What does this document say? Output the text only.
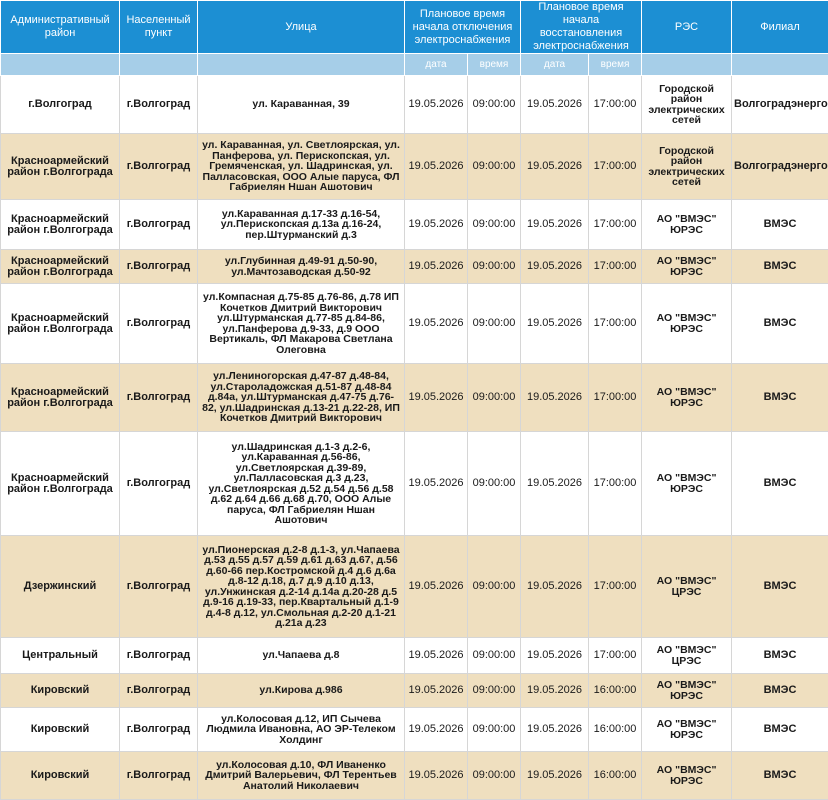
Административный район	Населенный пункт	Улица	Плановое время начала отключения электроснабжения		Плановое время начала восстановления электроснабжения		РЭС	Филиал
			дата	время	дата	время		
г.Волгоград	г.Волгоград	ул. Караванная, 39	19.05.2026	09:00:00	19.05.2026	17:00:00	Городской район электрических сетей	Волгоградэнерго
Красноармейский район г.Волгограда	г.Волгоград	ул. Караванная, ул. Светлоярская, ул. Панферова, ул. Перископская, ул. Гремяченская, ул. Шадринская, ул. Палласовская, ООО Алые паруса, ФЛ Габриелян Ншан Ашотович	19.05.2026	09:00:00	19.05.2026	17:00:00	Городской район электрических сетей	Волгоградэнерго
Красноармейский район г.Волгограда	г.Волгоград	ул.Караванная д.17-33 д.16-54, ул.Перископская д.13а д.16-24, пер.Штурманский д.3	19.05.2026	09:00:00	19.05.2026	17:00:00	АО "ВМЭС" ЮРЭС	ВМЭС
Красноармейский район г.Волгограда	г.Волгоград	ул.Глубинная д.49-91 д.50-90, ул.Мачтозаводская д.50-92	19.05.2026	09:00:00	19.05.2026	17:00:00	АО "ВМЭС" ЮРЭС	ВМЭС
Красноармейский район г.Волгограда	г.Волгоград	ул.Компасная д.75-85 д.76-86, д.78 ИП Кочетков Дмитрий Викторович ул.Штурманская д.77-85 д.84-86, ул.Панферова д.9-33, д.9 ООО Вертикаль, ФЛ Макарова Светлана Олеговна	19.05.2026	09:00:00	19.05.2026	17:00:00	АО "ВМЭС" ЮРЭС	ВМЭС
Красноармейский район г.Волгограда	г.Волгоград	ул.Лениногорская д.47-87 д.48-84, ул.Староладожская д.51-87 д.48-84 д.84а, ул.Штурманская д.47-75 д.76-82, ул.Шадринская д.13-21 д.22-28, ИП Кочетков Дмитрий Викторович	19.05.2026	09:00:00	19.05.2026	17:00:00	АО "ВМЭС" ЮРЭС	ВМЭС
Красноармейский район г.Волгограда	г.Волгоград	ул.Шадринская д.1-3 д.2-6, ул.Караванная д.56-86, ул.Светлоярская д.39-89, ул.Палласовская д.3 д.23, ул.Светлоярская д.52 д.54 д.56 д.58 д.62 д.64 д.66 д.68 д.70, ООО Алые паруса, ФЛ Габриелян Ншан Ашотович	19.05.2026	09:00:00	19.05.2026	17:00:00	АО "ВМЭС" ЮРЭС	ВМЭС
Дзержинский	г.Волгоград	ул.Пионерская д.2-8 д.1-3, ул.Чапаева д.53 д.55 д.57 д.59 д.61 д.63 д.67, д.56 д.60-66 пер.Костромской д.4 д.6 д.6а д.8-12 д.18, д.7 д.9 д.10 д.13, ул.Унжинская д.2-14 д.14а д.20-28 д.5 д.9-16 д.19-33, пер.Квартальный д.1-9 д.4-8 д.12, ул.Смольная д.2-20 д.1-21 д.21а д.23	19.05.2026	09:00:00	19.05.2026	17:00:00	АО "ВМЭС" ЦРЭС	ВМЭС
Центральный	г.Волгоград	ул.Чапаева д.8	19.05.2026	09:00:00	19.05.2026	17:00:00	АО "ВМЭС" ЦРЭС	ВМЭС
Кировский	г.Волгоград	ул.Кирова д.986	19.05.2026	09:00:00	19.05.2026	16:00:00	АО "ВМЭС" ЮРЭС	ВМЭС
Кировский	г.Волгоград	ул.Колосовая д.12, ИП Сычева Людмила Ивановна, АО ЭР-Телеком Холдинг	19.05.2026	09:00:00	19.05.2026	16:00:00	АО "ВМЭС" ЮРЭС	ВМЭС
Кировский	г.Волгоград	ул.Колосовая д.10, ФЛ Иваненко Дмитрий Валерьевич, ФЛ Терентьев Анатолий Николаевич	19.05.2026	09:00:00	19.05.2026	16:00:00	АО "ВМЭС" ЮРЭС	ВМЭС
